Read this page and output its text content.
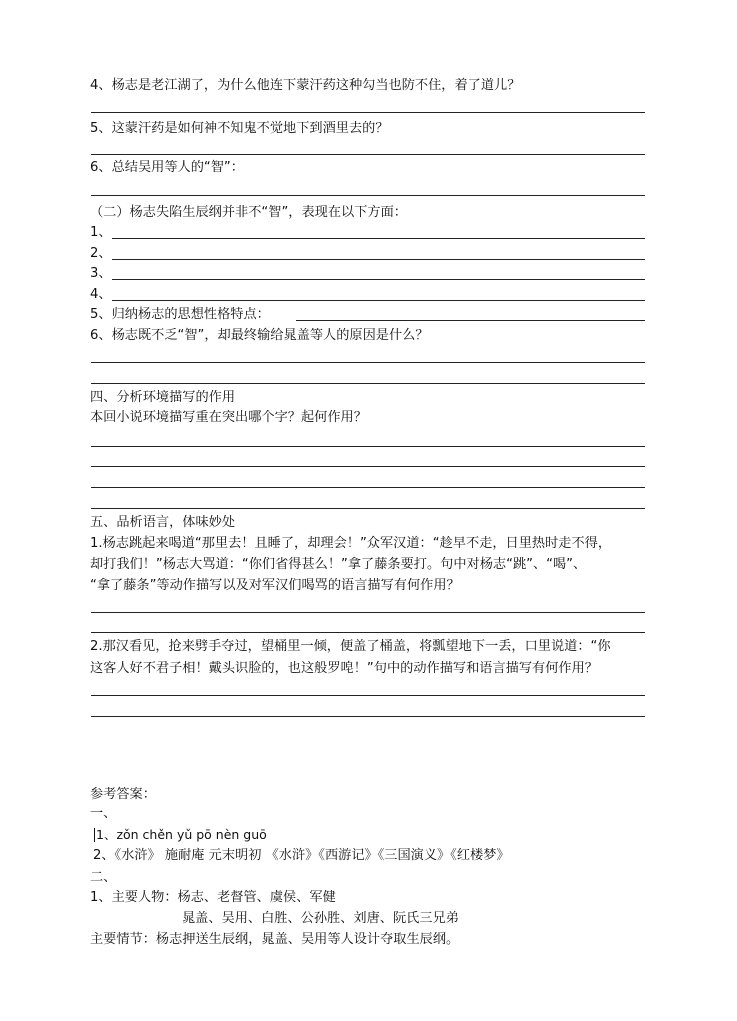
4、杨志是老江湖了，为什么他连下蒙汗药这种勾当也防不住，着了道儿？
5、这蒙汗药是如何神不知鬼不觉地下到酒里去的？
6、总结吴用等人的“智”：
（二）杨志失陷生辰纲并非不“智”，表现在以下方面：
1、
2、
3、
4、
5、归纳杨志的思想性格特点：
6、杨志既不乏“智”，却最终输给晁盖等人的原因是什么？
四、分析环境描写的作用
本回小说环境描写重在突出哪个字？起何作用？
五、品析语言，体味妙处
1.杨志跳起来喝道“那里去！且睡了，却理会！”众军汉道：“趁早不走，日里热时走不得，
却打我们！”杨志大骂道：“你们省得甚么！”拿了藤条要打。句中对杨志“跳”、“喝”、
“拿了藤条”等动作描写以及对军汉们喝骂的语言描写有何作用？
2.那汉看见，抢来劈手夺过，望桶里一倾，便盖了桶盖，将瓢望地下一丢，口里说道：“你
这客人好不君子相！戴头识脸的，也这般罗唣！”句中的动作描写和语言描写有何作用？
参考答案：
一、
1、zǒn chěn yǔ pō nèn guō
2、《水浒》 施耐庵 元末明初 《水浒》《西游记》《三国演义》《红楼梦》
二、
1、主要人物：杨志、老督管、虞侯、军健
晁盖、吴用、白胜、公孙胜、刘唐、阮氏三兄弟
主要情节：杨志押送生辰纲，晁盖、吴用等人设计夺取生辰纲。
